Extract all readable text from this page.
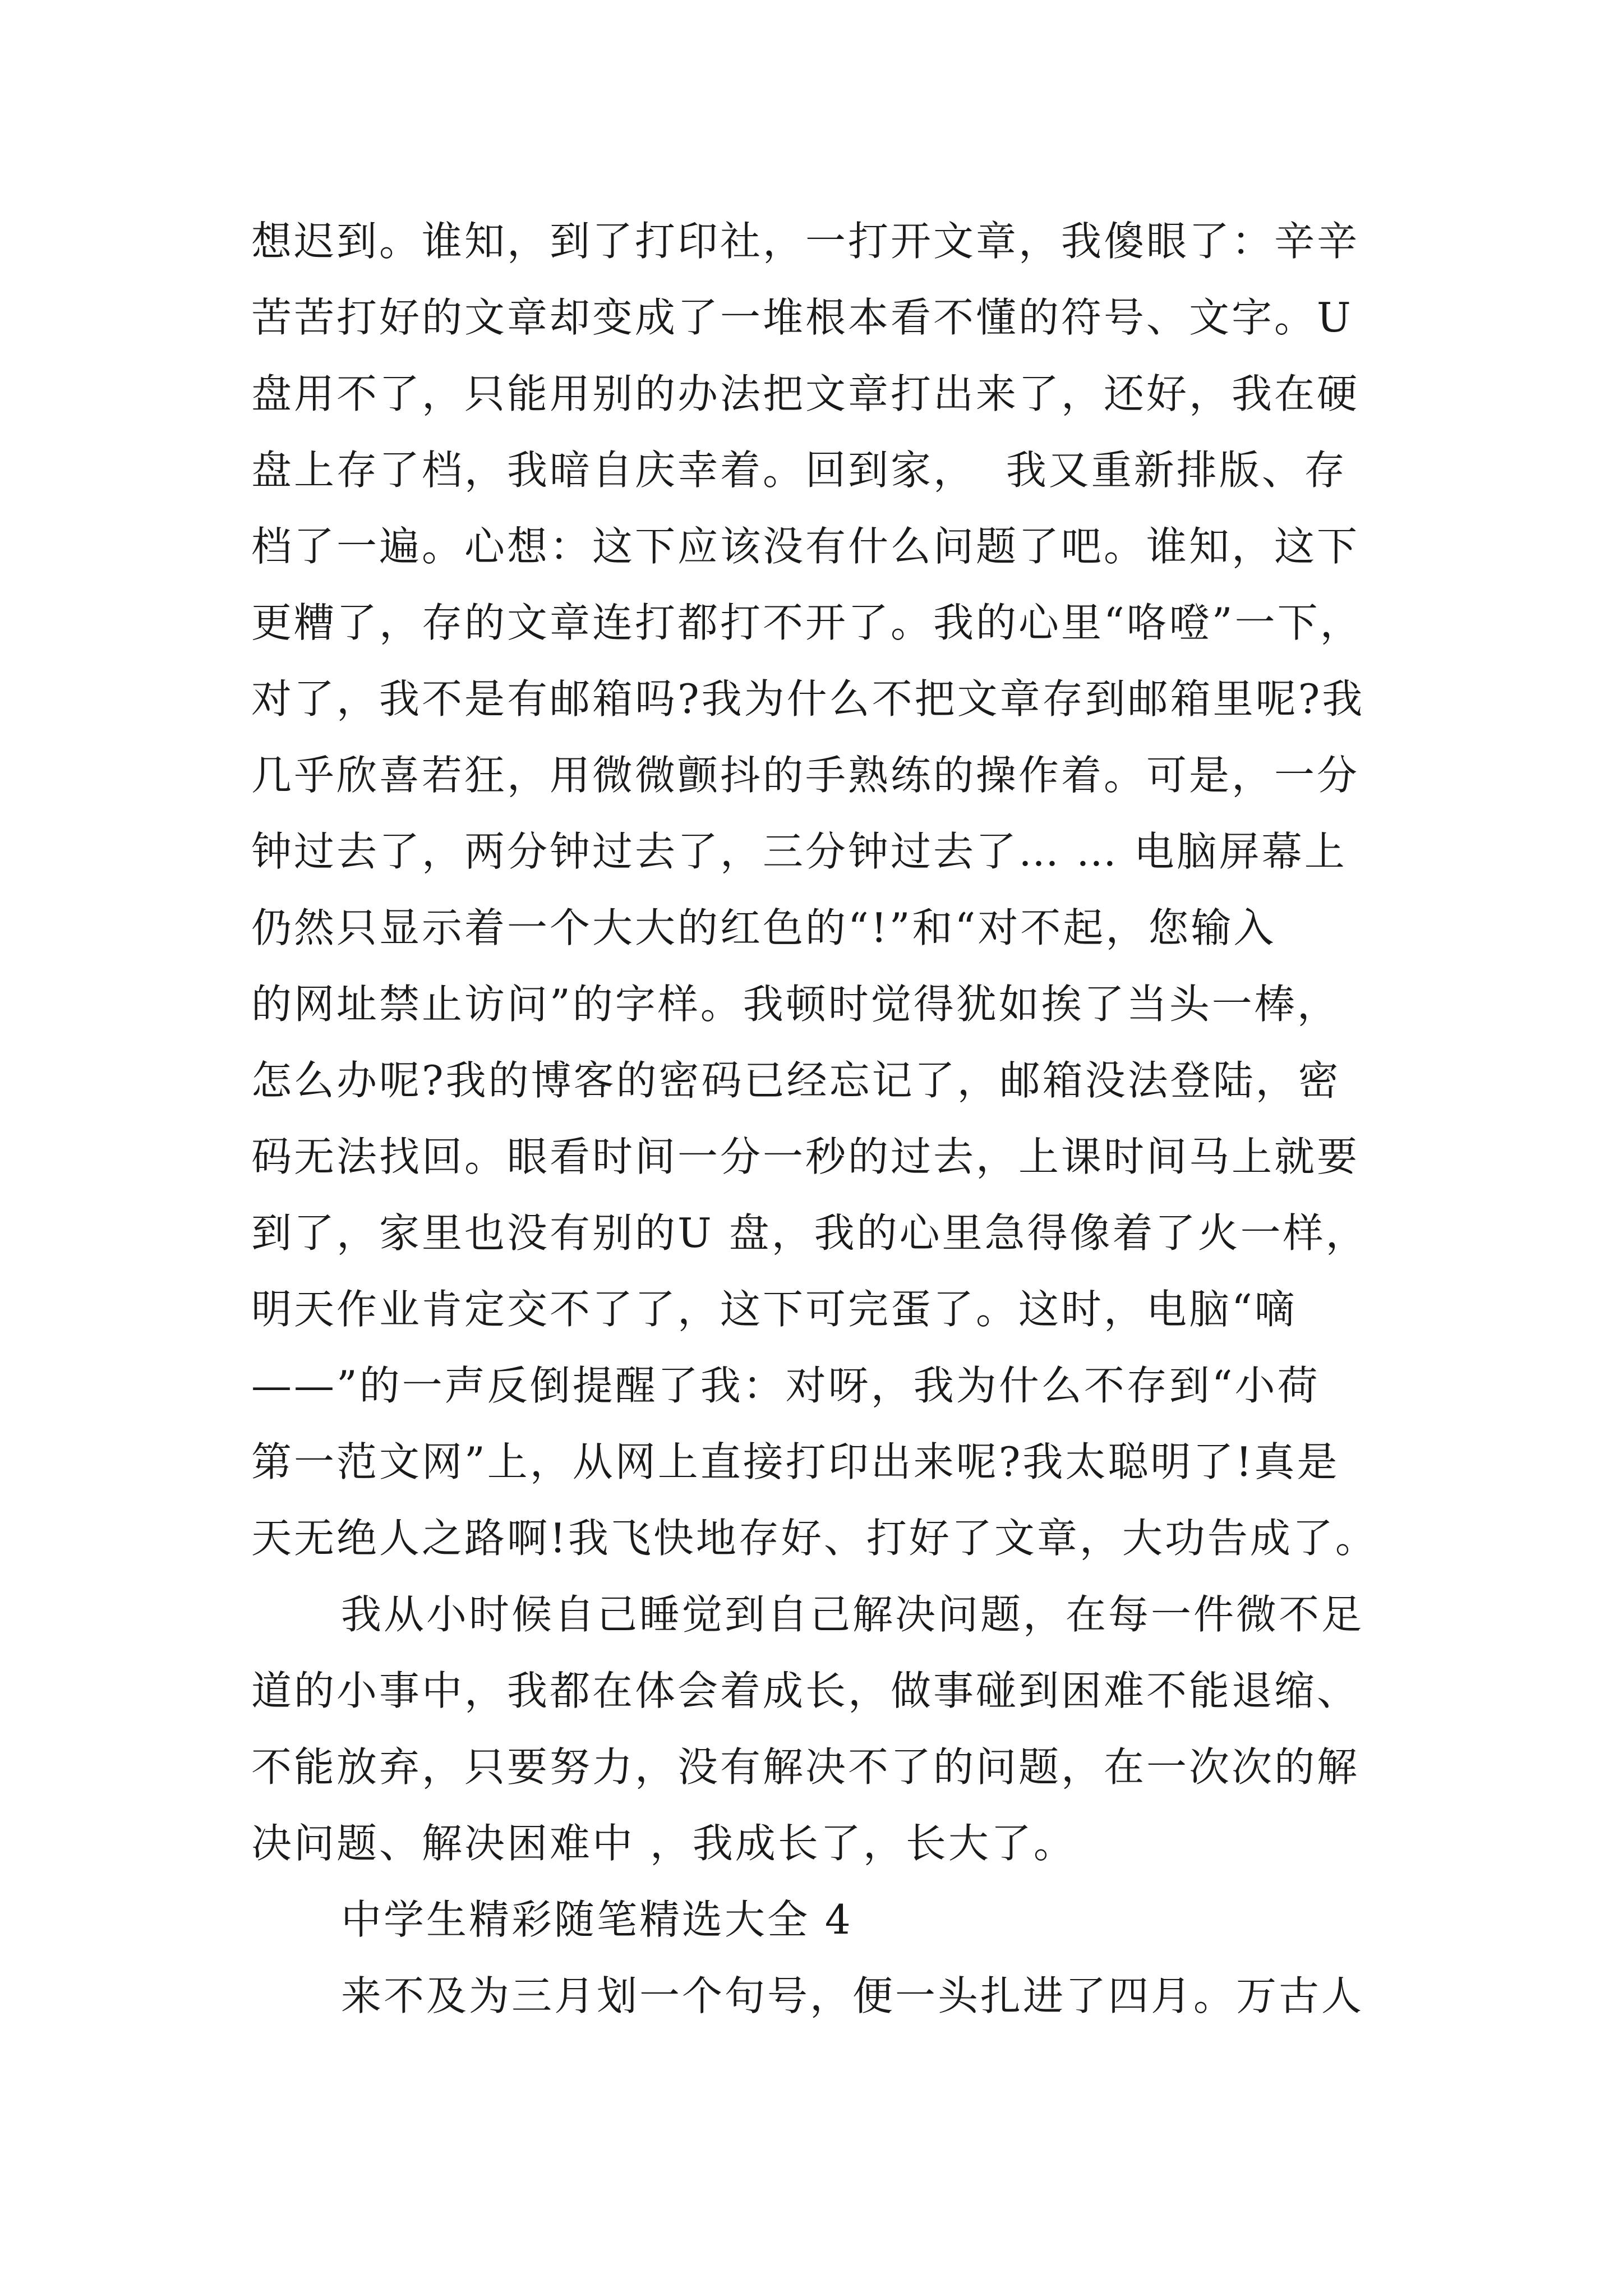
想迟到。谁知，到了打印社，一打开文章，我傻眼了：辛辛
苦苦打好的文章却变成了一堆根本看不懂的符号、文字。U
盘用不了，只能用别的办法把文章打出来了，还好，我在硬
盘上存了档，我暗自庆幸着。回到家，  我又重新排版、存
档了一遍。心想：这下应该没有什么问题了吧。谁知，这下
更糟了，存的文章连打都打不开了。我的心里“咯噔”一下，
对了，我不是有邮箱吗?我为什么不把文章存到邮箱里呢?我
几乎欣喜若狂，用微微颤抖的手熟练的操作着。可是，一分
钟过去了，两分钟过去了，三分钟过去了… … 电脑屏幕上
仍然只显示着一个大大的红色的“!”和“对不起，您输入
的网址禁止访问”的字样。我顿时觉得犹如挨了当头一棒，
怎么办呢?我的博客的密码已经忘记了，邮箱没法登陆，密
码无法找回。眼看时间一分一秒的过去，上课时间马上就要
到了，家里也没有别的U 盘，我的心里急得像着了火一样，
明天作业肯定交不了了，这下可完蛋了。这时，电脑“嘀
——”的一声反倒提醒了我：对呀，我为什么不存到“小荷
第一范文网”上，从网上直接打印出来呢?我太聪明了!真是
天无绝人之路啊!我飞快地存好、打好了文章，大功告成了。
我从小时候自己睡觉到自己解决问题，在每一件微不足
道的小事中，我都在体会着成长，做事碰到困难不能退缩、
不能放弃，只要努力，没有解决不了的问题，在一次次的解
决问题、解决困难中 ，我成长了，长大了。
中学生精彩随笔精选大全 4
来不及为三月划一个句号，便一头扎进了四月。万古人
